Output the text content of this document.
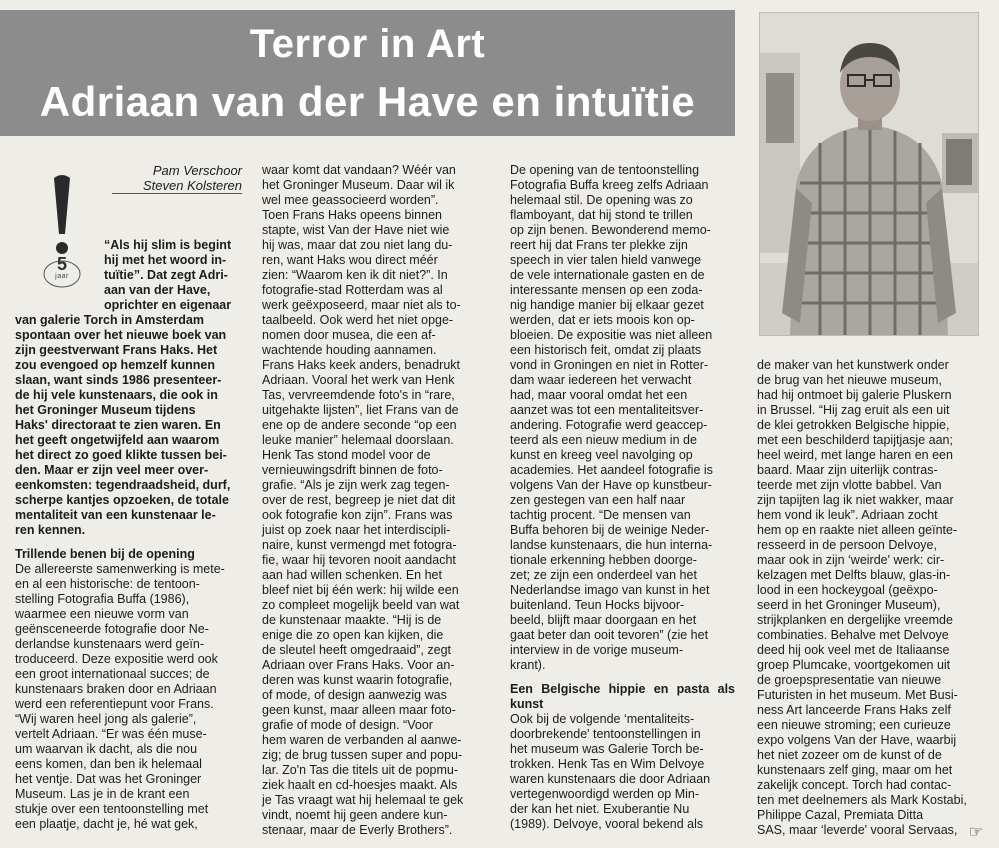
Terror in Art
Adriaan van der Have en intuïtie
Pam Verschoor
Steven Kolsteren
5
jaar

“Als hij slim is begint

hij met het woord in-

tuïtie”. Dat zegt Adri-

aan van der Have,

oprichter en eigenaar

van galerie Torch in Amsterdam

spontaan over het nieuwe boek van

zijn geestverwant Frans Haks. Het

zou evengoed op hemzelf kunnen

slaan, want sinds 1986 presenteer-

de hij vele kunstenaars, die ook in

het Groninger Museum tijdens

Haks' directoraat te zien waren. En

het geeft ongetwijfeld aan waarom

het direct zo goed klikte tussen bei-

den. Maar er zijn veel meer over-

eenkomsten: tegendraadsheid, durf,

scherpe kantjes opzoeken, de totale

mentaliteit van een kunstenaar le-

ren kennen.

Trillende benen bij de opening

De allereerste samenwerking is mete-

en al een historische: de tentoon-

stelling Fotografia Buffa (1986),

waarmee een nieuwe vorm van

geënsceneerde fotografie door Ne-

derlandse kunstenaars werd geïn-

troduceerd. Deze expositie werd ook

een groot internationaal succes; de

kunstenaars braken door en Adriaan

werd een referentiepunt voor Frans.

“Wij waren heel jong als galerie”,

vertelt Adriaan. “Er was één muse-

um waarvan ik dacht, als die nou

eens komen, dan ben ik helemaal

het ventje. Dat was het Groninger

Museum. Las je in de krant een

stukje over een tentoonstelling met

een plaatje, dacht je, hé wat gek,

waar komt dat vandaan? Wéér van

het Groninger Museum. Daar wil ik

wel mee geassocieerd worden”.

Toen Frans Haks opeens binnen

stapte, wist Van der Have niet wie

hij was, maar dat zou niet lang du-

ren, want Haks wou direct méér

zien: “Waarom ken ik dit niet?”. In

fotografie-stad Rotterdam was al

werk geëxposeerd, maar niet als to-

taalbeeld. Ook werd het niet opge-

nomen door musea, die een af-

wachtende houding aannamen.

Frans Haks keek anders, benadrukt

Adriaan. Vooral het werk van Henk

Tas, vervreemdende foto's in “rare,

uitgehakte lijsten”, liet Frans van de

ene op de andere seconde “op een

leuke manier” helemaal doorslaan.

Henk Tas stond model voor de

vernieuwingsdrift binnen de foto-

grafie. “Als je zijn werk zag tegen-

over de rest, begreep je niet dat dit

ook fotografie kon zijn”. Frans was

juist op zoek naar het interdiscipli-

naire, kunst vermengd met fotogra-

fie, waar hij tevoren nooit aandacht

aan had willen schenken. En het

bleef niet bij één werk: hij wilde een

zo compleet mogelijk beeld van wat

de kunstenaar maakte. “Hij is de

enige die zo open kan kijken, die

de sleutel heeft omgedraaid”, zegt

Adriaan over Frans Haks. Voor an-

deren was kunst waarin fotografie,

of mode, of design aanwezig was

geen kunst, maar alleen maar foto-

grafie of mode of design. “Voor

hem waren de verbanden al aanwe-

zig; de brug tussen super and popu-

lar. Zo'n Tas die titels uit de popmu-

ziek haalt en cd-hoesjes maakt. Als

je Tas vraagt wat hij helemaal te gek

vindt, noemt hij geen andere kun-

stenaar, maar de Everly Brothers”.

De opening van de tentoonstelling

Fotografia Buffa kreeg zelfs Adriaan

helemaal stil. De opening was zo

flamboyant, dat hij stond te trillen

op zijn benen. Bewonderend memo-

reert hij dat Frans ter plekke zijn

speech in vier talen hield vanwege

de vele internationale gasten en de

interessante mensen op een zoda-

nig handige manier bij elkaar gezet

werden, dat er iets moois kon op-

bloeien. De expositie was niet alleen

een historisch feit, omdat zij plaats

vond in Groningen en niet in Rotter-

dam waar iedereen het verwacht

had, maar vooral omdat het een

aanzet was tot een mentaliteitsver-

andering. Fotografie werd geaccep-

teerd als een nieuw medium in de

kunst en kreeg veel navolging op

academies. Het aandeel fotografie is

volgens Van der Have op kunstbeur-

zen gestegen van een half naar

tachtig procent. “De mensen van

Buffa behoren bij de weinige Neder-

landse kunstenaars, die hun interna-

tionale erkenning hebben doorge-

zet; ze zijn een onderdeel van het

Nederlandse imago van kunst in het

buitenland. Teun Hocks bijvoor-

beeld, blijft maar doorgaan en het

gaat beter dan ooit tevoren” (zie het

interview in de vorige museum-

krant).

Een Belgische hippie en pasta als kunst

Ook bij de volgende ‘mentaliteits-

doorbrekende' tentoonstellingen in

het museum was Galerie Torch be-

trokken. Henk Tas en Wim Delvoye

waren kunstenaars die door Adriaan

vertegenwoordigd werden op Min-

der kan het niet. Exuberantie Nu

(1989). Delvoye, vooral bekend als

de maker van het kunstwerk onder

de brug van het nieuwe museum,

had hij ontmoet bij galerie Pluskern

in Brussel. “Hij zag eruit als een uit

de klei getrokken Belgische hippie,

met een beschilderd tapijtjasje aan;

heel weird, met lange haren en een

baard. Maar zijn uiterlijk contras-

teerde met zijn vlotte babbel. Van

zijn tapijten lag ik niet wakker, maar

hem vond ik leuk”. Adriaan zocht

hem op en raakte niet alleen geïnte-

resseerd in de persoon Delvoye,

maar ook in zijn ‘weirde' werk: cir-

kelzagen met Delfts blauw, glas-in-

lood in een hockeygoal (geëxpo-

seerd in het Groninger Museum),

strijkplanken en dergelijke vreemde

combinaties. Behalve met Delvoye

deed hij ook veel met de Italiaanse

groep Plumcake, voortgekomen uit

de groepspresentatie van nieuwe

Futuristen in het museum. Met Busi-

ness Art lanceerde Frans Haks zelf

een nieuwe stroming; een curieuze

expo volgens Van der Have, waarbij

het niet zozeer om de kunst of de

kunstenaars zelf ging, maar om het

zakelijk concept. Torch had contac-

ten met deelnemers als Mark Kostabi,

Philippe Cazal, Premiata Ditta

SAS, maar ‘leverde' vooral Servaas, ☞
